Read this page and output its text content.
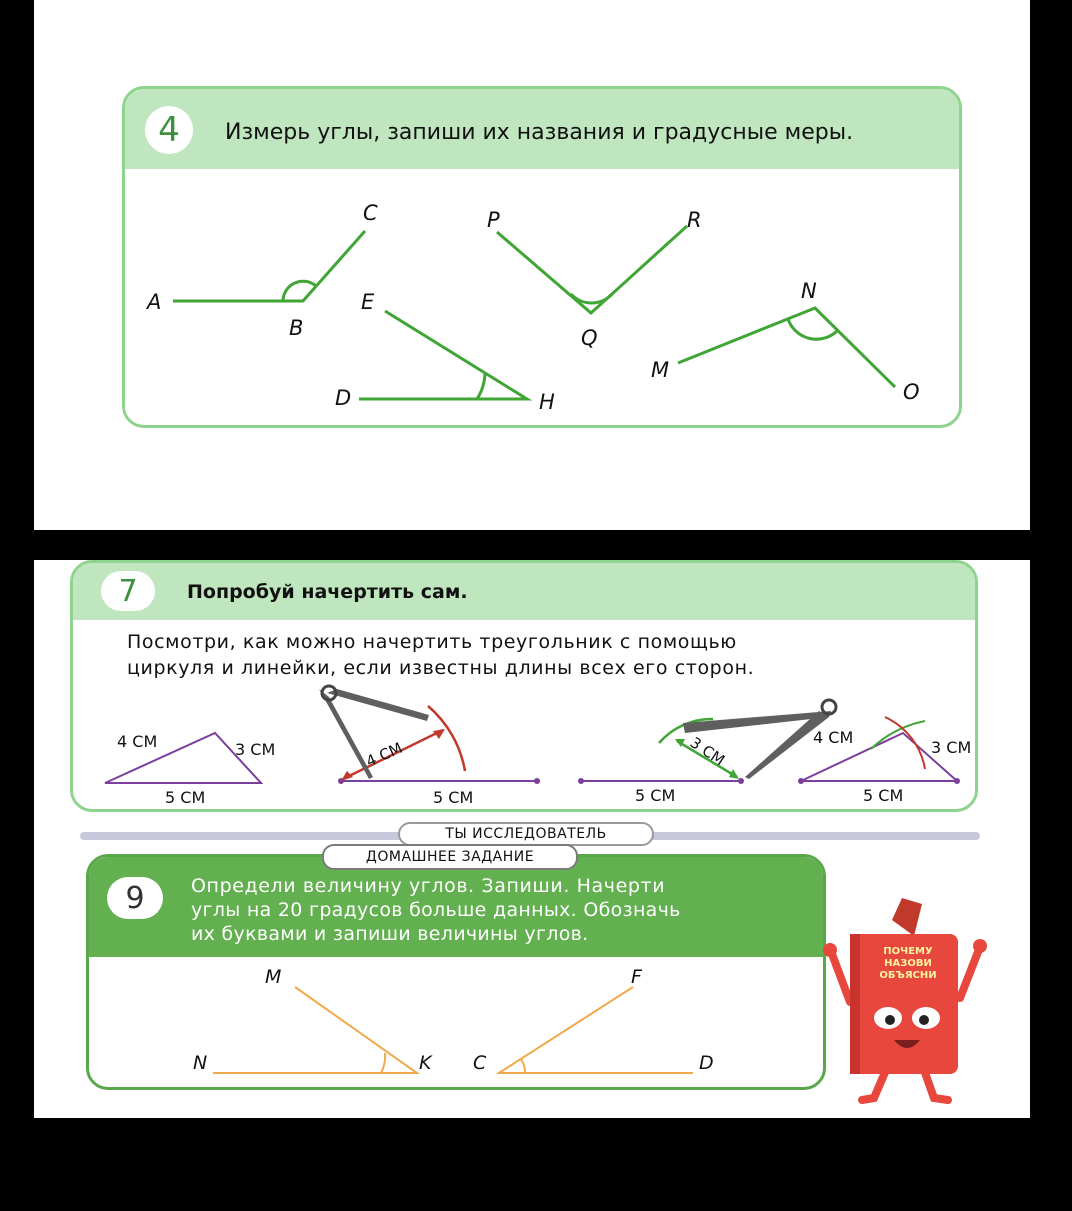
4	Измерь углы, запиши их названия и градусные меры.
A
B
C
D
E
H
P
Q
R
M
N
O
7	Попробуй начертить сам.
Посмотри, как можно начертить треугольник с помощью
циркуля и линейки, если известны длины всех его сторон.
4 СМ	3 СМ
5 СМ
4 СМ
5 СМ
3 СМ
5 СМ
4 СМ
3 СМ
5 СМ
ТЫ ИССЛЕДОВАТЕЛЬ
9	Определи величину углов. Запиши. Начерти
углы на 20 градусов больше данных. Обозначь
их буквами и запиши величины углов.
M
N	K
F
C	D
ДОМАШНЕЕ ЗАДАНИЕ
ПОЧЕМУ
НАЗОВИ
ОБЪЯСНИ
